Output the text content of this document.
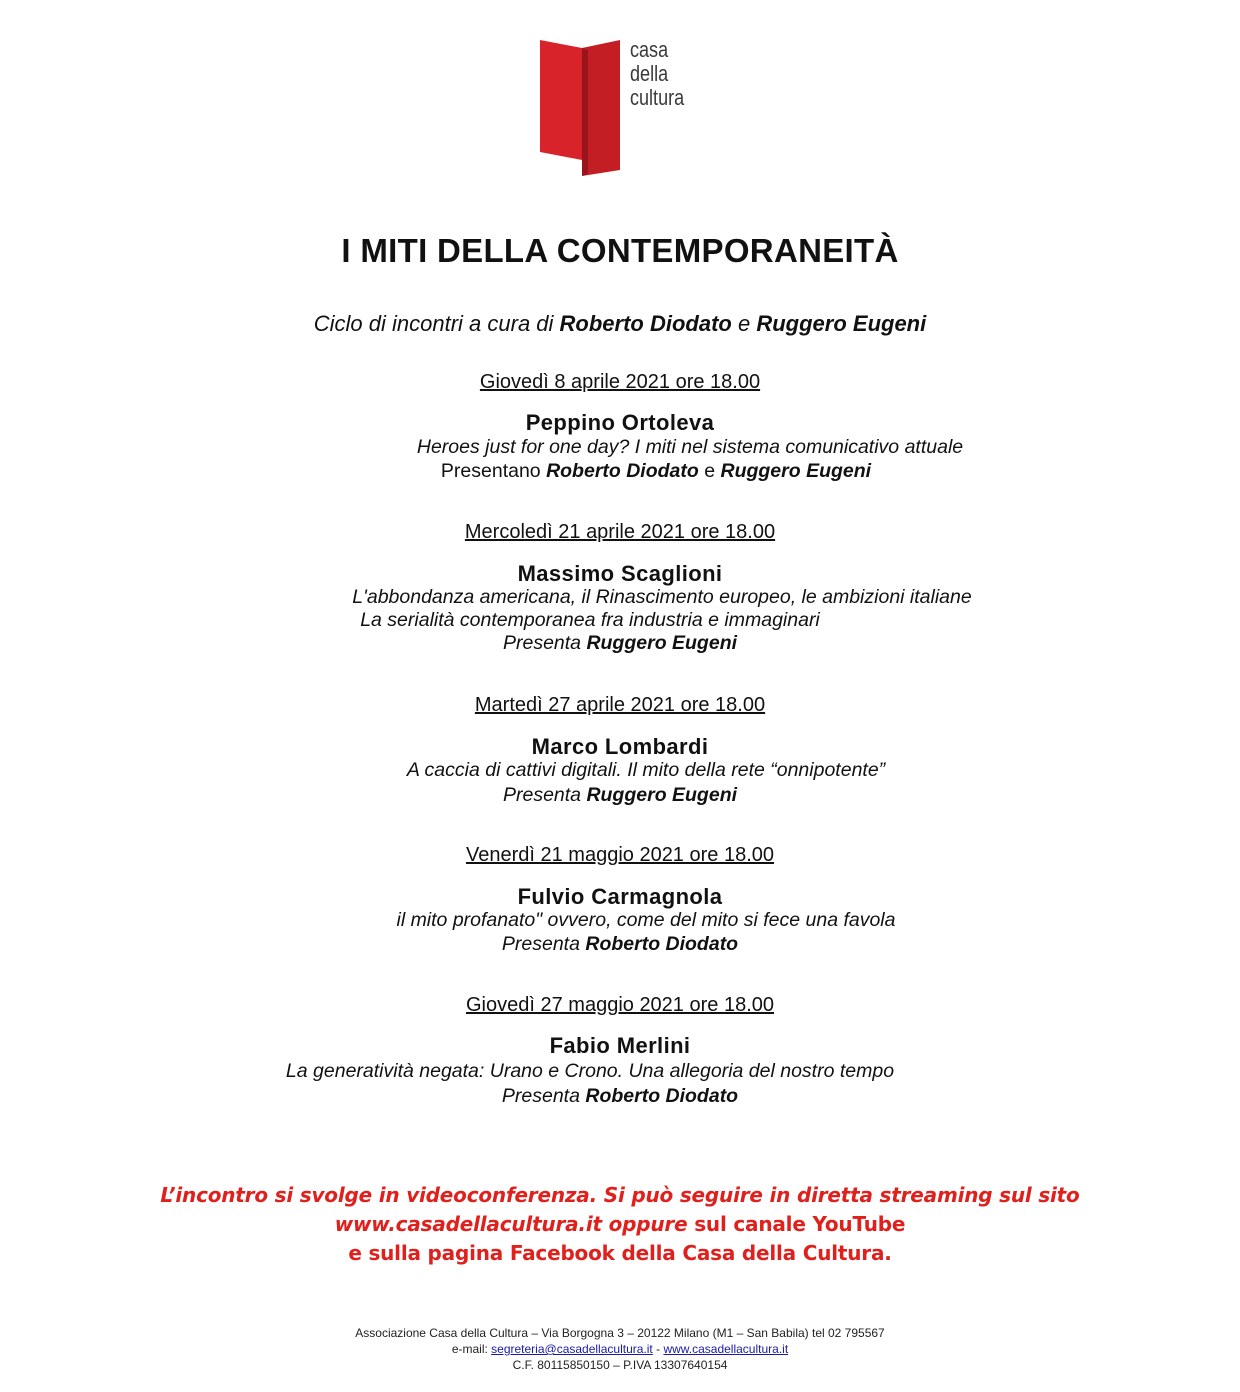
casa
della
cultura
I MITI DELLA CONTEMPORANEITÀ
Ciclo di incontri a cura di Roberto Diodato e Ruggero Eugeni
Giovedì 8 aprile 2021 ore 18.00
Peppino Ortoleva
Heroes just for one day? I miti nel sistema comunicativo attuale
Presentano Roberto Diodato e Ruggero Eugeni
Mercoledì 21 aprile 2021 ore 18.00
Massimo Scaglioni
L'abbondanza americana, il Rinascimento europeo, le ambizioni italiane
La serialità contemporanea fra industria e immaginari
Presenta Ruggero Eugeni
Martedì 27 aprile 2021 ore 18.00
Marco Lombardi
A caccia di cattivi digitali. Il mito della rete “onnipotente”
Presenta Ruggero Eugeni
Venerdì 21 maggio 2021 ore 18.00
Fulvio Carmagnola
il mito profanato" ovvero, come del mito si fece una favola
Presenta Roberto Diodato
Giovedì 27 maggio 2021 ore 18.00
Fabio Merlini
La generatività negata: Urano e Crono. Una allegoria del nostro tempo
Presenta Roberto Diodato
L’incontro si svolge in videoconferenza. Si può seguire in diretta streaming sul sito
www.casadellacultura.it oppure sul canale YouTube
e sulla pagina Facebook della Casa della Cultura.
Associazione Casa della Cultura – Via Borgogna 3 – 20122 Milano (M1 – San Babila) tel 02 795567
e-mail: segreteria@casadellacultura.it - www.casadellacultura.it
C.F. 80115850150 – P.IVA 13307640154
